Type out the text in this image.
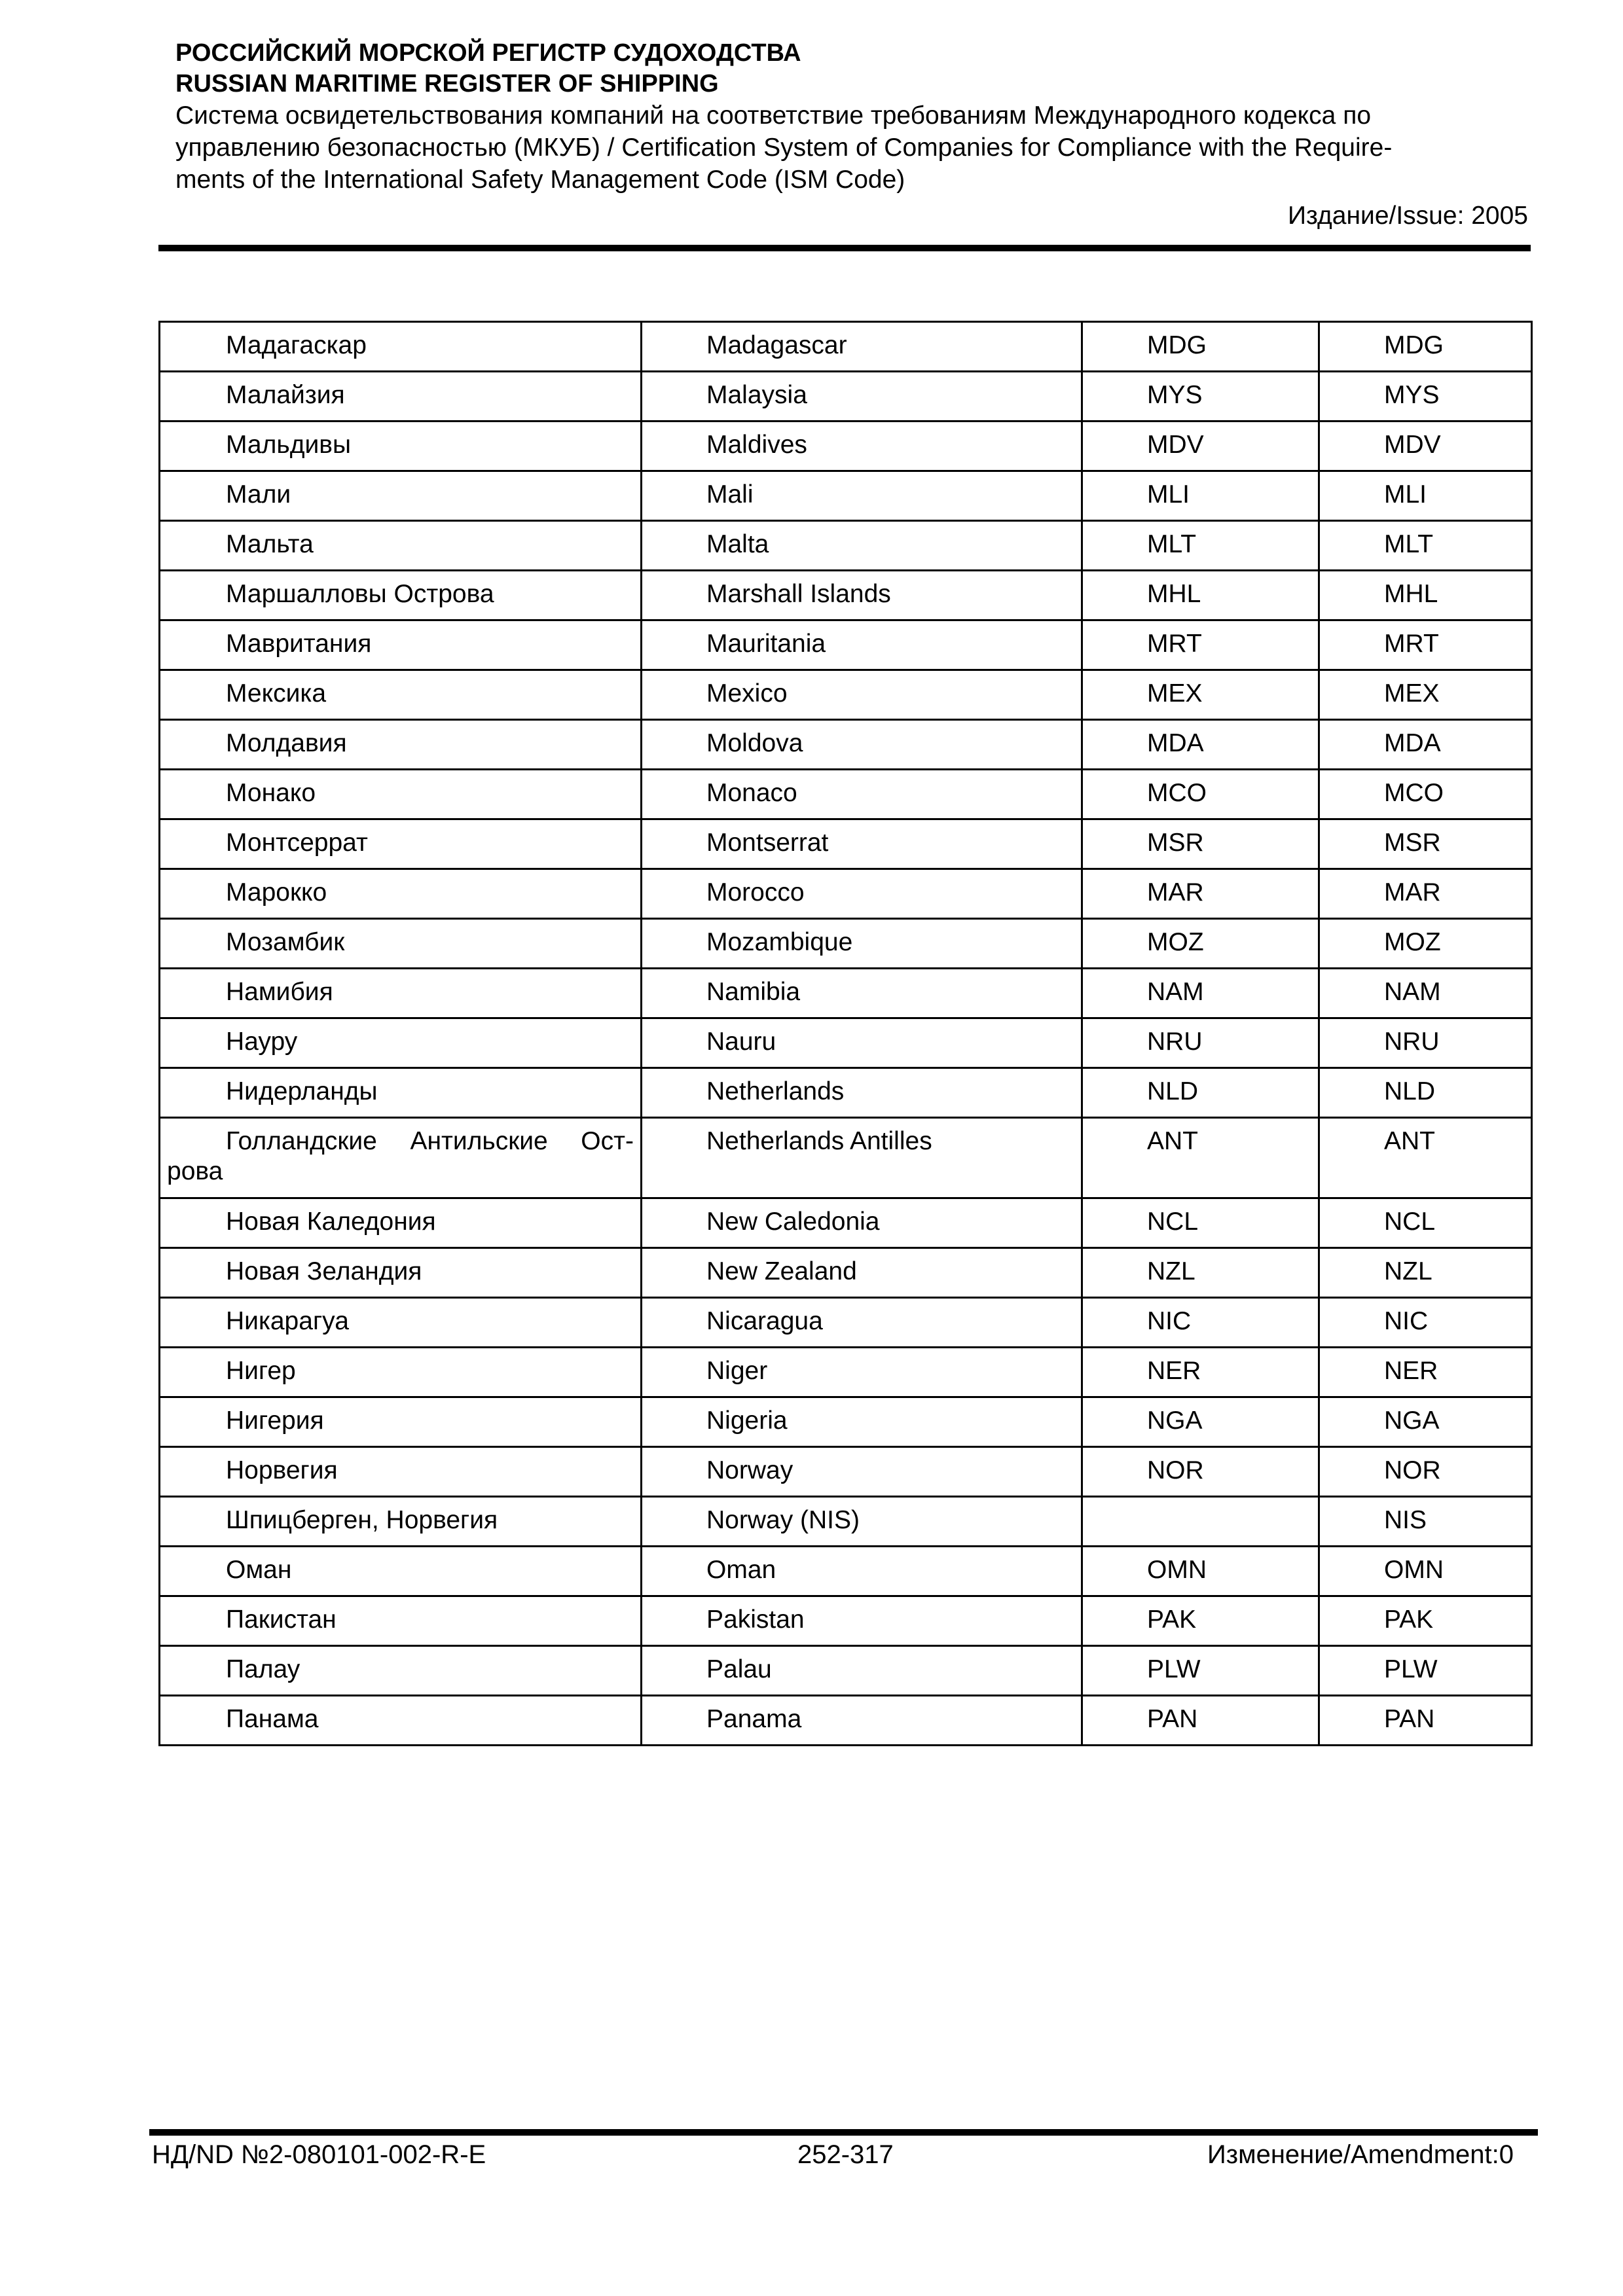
РОССИЙСКИЙ МОРСКОЙ РЕГИСТР СУДОХОДСТВА

RUSSIAN MARITIME REGISTER OF SHIPPING

Система освидетельствования компаний на соответствие требованиям Международного кодекса по

управлению безопасностью (МКУБ) / Certification System of Companies for Compliance with the Require-

ments of the International Safety Management Code (ISM Code)

Издание/Issue: 2005

Мадагаскар	Madagascar	MDG	MDG
Малайзия	Malaysia	MYS	MYS
Мальдивы	Maldives	MDV	MDV
Мали	Mali	MLI	MLI
Мальта	Malta	MLT	MLT
Маршалловы Острова	Marshall Islands	MHL	MHL
Мавритания	Mauritania	MRT	MRT
Мексика	Mexico	MEX	MEX
Молдавия	Moldova	MDA	MDA
Монако	Monaco	MCO	MCO
Монтсеррат	Montserrat	MSR	MSR
Марокко	Morocco	MAR	MAR
Мозамбик	Mozambique	MOZ	MOZ
Намибия	Namibia	NAM	NAM
Науру	Nauru	NRU	NRU
Нидерланды	Netherlands	NLD	NLD

Голландские Антильские Ост-
рова	Netherlands Antilles	ANT	ANT
Новая Каледония	New Caledonia	NCL	NCL
Новая Зеландия	New Zealand	NZL	NZL
Никарагуа	Nicaragua	NIC	NIC
Нигер	Niger	NER	NER
Нигерия	Nigeria	NGA	NGA
Норвегия	Norway	NOR	NOR
Шпицберген, Норвегия	Norway (NIS)		NIS
Оман	Oman	OMN	OMN
Пакистан	Pakistan	PAK	PAK
Палау	Palau	PLW	PLW
Панама	Panama	PAN	PAN
НД/ND №2-080101-002-R-E	252-317	Изменение/Amendment:0
